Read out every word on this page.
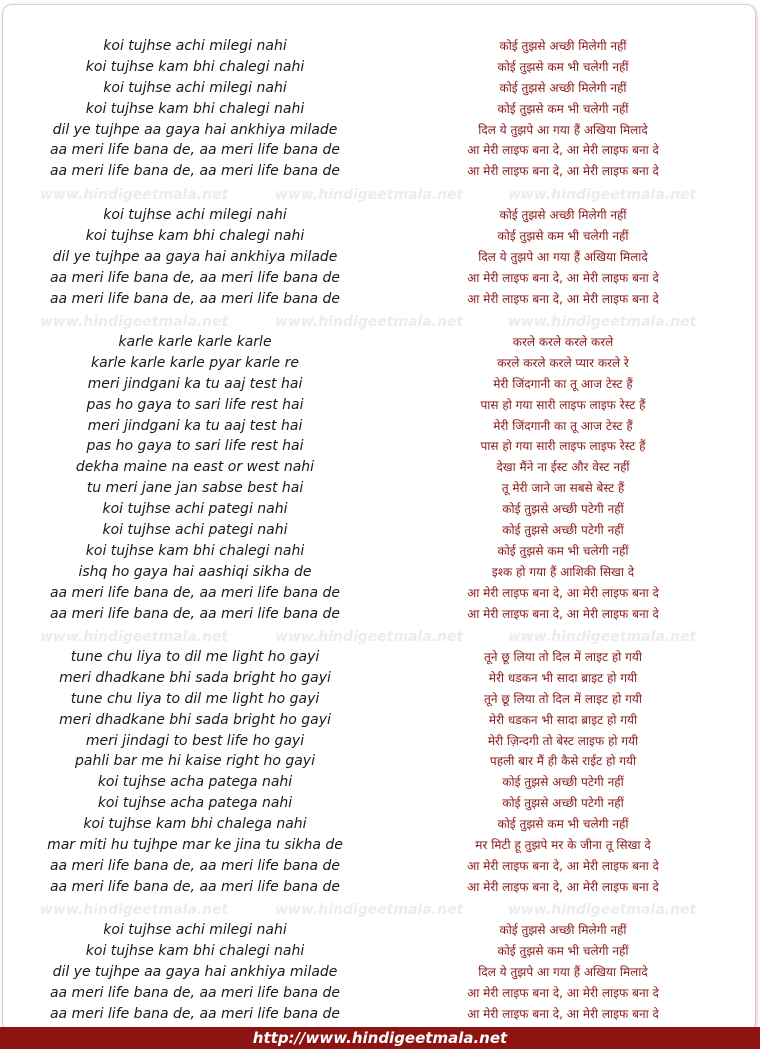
koi tujhse achi milegi nahi	कोई तुझसे अच्छी मिलेगी नहीं
koi tujhse kam bhi chalegi nahi	कोई तुझसे कम भी चलेगी नहीं
koi tujhse achi milegi nahi	कोई तुझसे अच्छी मिलेगी नहीं
koi tujhse kam bhi chalegi nahi	कोई तुझसे कम भी चलेगी नहीं
dil ye tujhpe aa gaya hai ankhiya milade	दिल ये तुझपे आ गया हैं अखिया मिलादे
aa meri life bana de, aa meri life bana de	आ मेरी लाइफ बना दे, आ मेरी लाइफ बना दे
aa meri life bana de, aa meri life bana de	आ मेरी लाइफ बना दे, आ मेरी लाइफ बना दे
www.hindigeetmala.net	www.hindigeetmala.net	www.hindigeetmala.net
koi tujhse achi milegi nahi	कोई तुझसे अच्छी मिलेगी नहीं
koi tujhse kam bhi chalegi nahi	कोई तुझसे कम भी चलेगी नहीं
dil ye tujhpe aa gaya hai ankhiya milade	दिल ये तुझपे आ गया हैं अखिया मिलादे
aa meri life bana de, aa meri life bana de	आ मेरी लाइफ बना दे, आ मेरी लाइफ बना दे
aa meri life bana de, aa meri life bana de	आ मेरी लाइफ बना दे, आ मेरी लाइफ बना दे
www.hindigeetmala.net	www.hindigeetmala.net	www.hindigeetmala.net
karle karle karle karle	करले करले करले करले
karle karle karle pyar karle re	करले करले करले प्यार करले रे
meri jindgani ka tu aaj test hai	मेरी जिंदगानी का तू आज टेस्ट हैं
pas ho gaya to sari life rest hai	पास हो गया सारी लाइफ लाइफ रेस्ट हैं
meri jindgani ka tu aaj test hai	मेरी जिंदगानी का तू आज टेस्ट हैं
pas ho gaya to sari life rest hai	पास हो गया सारी लाइफ लाइफ रेस्ट हैं
dekha maine na east or west nahi	देखा मैंने ना ईस्ट और वेस्ट नहीं
tu meri jane jan sabse best hai	तू मेरी जाने जा सबसे बेस्ट हैं
koi tujhse achi pategi nahi	कोई तुझसे अच्छी पटेगी नहीं
koi tujhse achi pategi nahi	कोई तुझसे अच्छी पटेगी नहीं
koi tujhse kam bhi chalegi nahi	कोई तुझसे कम भी चलेगी नहीं
ishq ho gaya hai aashiqi sikha de	इश्क हो गया हैं आशिकी सिखा दे
aa meri life bana de, aa meri life bana de	आ मेरी लाइफ बना दे, आ मेरी लाइफ बना दे
aa meri life bana de, aa meri life bana de	आ मेरी लाइफ बना दे, आ मेरी लाइफ बना दे
www.hindigeetmala.net	www.hindigeetmala.net	www.hindigeetmala.net
tune chu liya to dil me light ho gayi	तूने छू लिया तो दिल में लाइट हो गयी
meri dhadkane bhi sada bright ho gayi	मेरी धडकन भी सादा ब्राइट हो गयी
tune chu liya to dil me light ho gayi	तूने छू लिया तो दिल में लाइट हो गयी
meri dhadkane bhi sada bright ho gayi	मेरी धडकन भी सादा ब्राइट हो गयी
meri jindagi to best life ho gayi	मेरी ज़िन्दगी तो बेस्ट लाइफ हो गयी
pahli bar me hi kaise right ho gayi	पहली बार मैं ही कैसे राईट हो गयी
koi tujhse acha patega nahi	कोई तुझसे अच्छी पटेगी नहीं
koi tujhse acha patega nahi	कोई तुझसे अच्छी पटेगी नहीं
koi tujhse kam bhi chalega nahi	कोई तुझसे कम भी चलेगी नहीं
mar miti hu tujhpe mar ke jina tu sikha de	मर मिटी हू तुझपे मर के जीना तू सिखा दे
aa meri life bana de, aa meri life bana de	आ मेरी लाइफ बना दे, आ मेरी लाइफ बना दे
aa meri life bana de, aa meri life bana de	आ मेरी लाइफ बना दे, आ मेरी लाइफ बना दे
www.hindigeetmala.net	www.hindigeetmala.net	www.hindigeetmala.net
koi tujhse achi milegi nahi	कोई तुझसे अच्छी मिलेगी नहीं
koi tujhse kam bhi chalegi nahi	कोई तुझसे कम भी चलेगी नहीं
dil ye tujhpe aa gaya hai ankhiya milade	दिल ये तुझपे आ गया हैं अखिया मिलादे
aa meri life bana de, aa meri life bana de	आ मेरी लाइफ बना दे, आ मेरी लाइफ बना दे
aa meri life bana de, aa meri life bana de	आ मेरी लाइफ बना दे, आ मेरी लाइफ बना दे
http://www.hindigeetmala.net
